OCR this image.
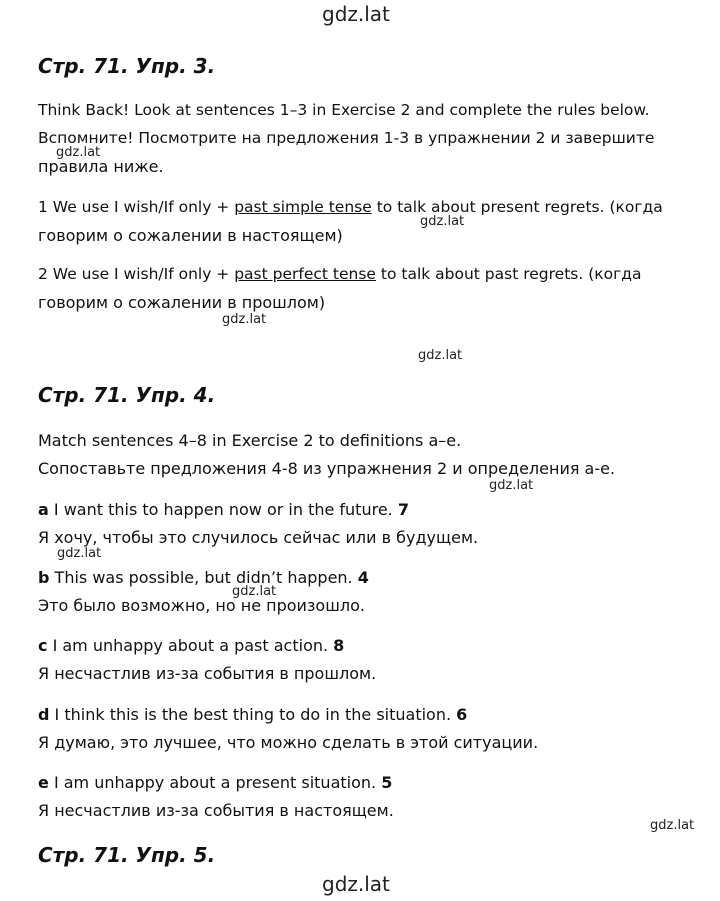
gdz.lat
gdz.lat
gdz.lat
gdz.lat
gdz.lat
gdz.lat
gdz.lat
gdz.lat
gdz.lat
gdz.lat
Стр. 71. Упр. 3.
Think Back! Look at sentences 1–3 in Exercise 2 and complete the rules below.
Вспомните! Посмотрите на предложения 1-3 в упражнении 2 и завершите
правила ниже.
1 We use I wish/If only + past simple tense to talk about present regrets. (когда
говорим о сожалении в настоящем)
2 We use I wish/If only + past perfect tense to talk about past regrets. (когда
говорим о сожалении в прошлом)
Стр. 71. Упр. 4.
Match sentences 4–8 in Exercise 2 to definitions a–e.
Сопоставьте предложения 4-8 из упражнения 2 и определения a-e.
a I want this to happen now or in the future. 7
Я хочу, чтобы это случилось сейчас или в будущем.
b This was possible, but didn’t happen. 4
Это было возможно, но не произошло.
c I am unhappy about a past action. 8
Я несчастлив из-за события в прошлом.
d I think this is the best thing to do in the situation. 6
Я думаю, это лучшее, что можно сделать в этой ситуации.
e I am unhappy about a present situation. 5
Я несчастлив из-за события в настоящем.
Стр. 71. Упр. 5.
